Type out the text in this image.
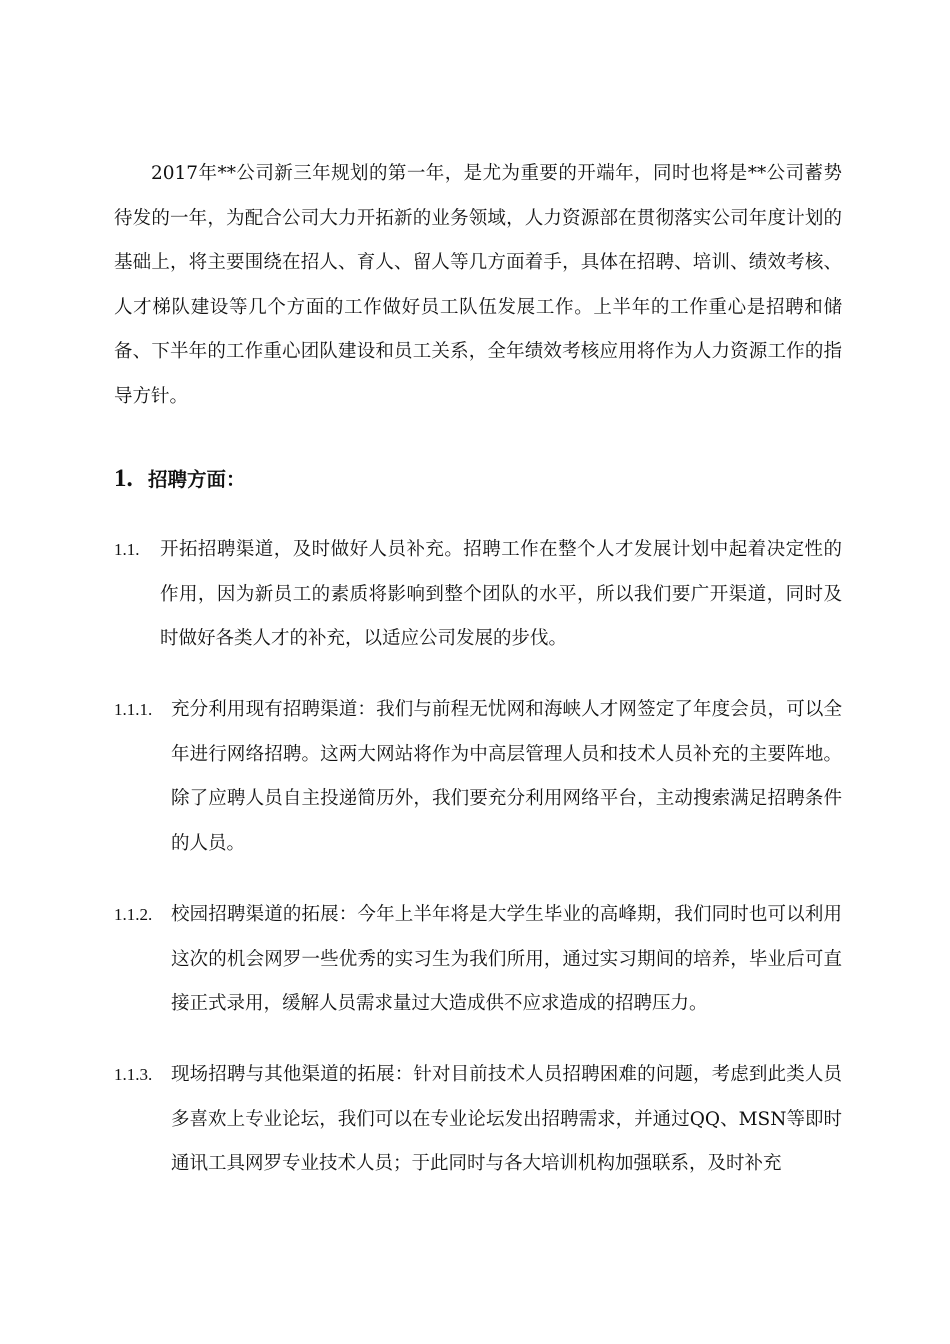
2017年**公司新三年规划的第一年，是尤为重要的开端年，同时也将是**公司蓄势待发的一年，为配合公司大力开拓新的业务领域，人力资源部在贯彻落实公司年度计划的基础上，将主要围绕在招人、育人、留人等几方面着手，具体在招聘、培训、绩效考核、人才梯队建设等几个方面的工作做好员工队伍发展工作。上半年的工作重心是招聘和储备、下半年的工作重心团队建设和员工关系，全年绩效考核应用将作为人力资源工作的指导方针。

1. 招聘方面：
1.1. 开拓招聘渠道，及时做好人员补充。招聘工作在整个人才发展计划中起着决定性的作用，因为新员工的素质将影响到整个团队的水平，所以我们要广开渠道，同时及时做好各类人才的补充，以适应公司发展的步伐。
1.1.1. 充分利用现有招聘渠道：我们与前程无忧网和海峡人才网签定了年度会员，可以全年进行网络招聘。这两大网站将作为中高层管理人员和技术人员补充的主要阵地。除了应聘人员自主投递简历外，我们要充分利用网络平台，主动搜索满足招聘条件的人员。
1.1.2. 校园招聘渠道的拓展：今年上半年将是大学生毕业的高峰期，我们同时也可以利用这次的机会网罗一些优秀的实习生为我们所用，通过实习期间的培养，毕业后可直接正式录用，缓解人员需求量过大造成供不应求造成的招聘压力。
1.1.3. 现场招聘与其他渠道的拓展：针对目前技术人员招聘困难的问题，考虑到此类人员多喜欢上专业论坛，我们可以在专业论坛发出招聘需求，并通过QQ、MSN等即时通讯工具网罗专业技术人员；于此同时与各大培训机构加强联系，及时补充
